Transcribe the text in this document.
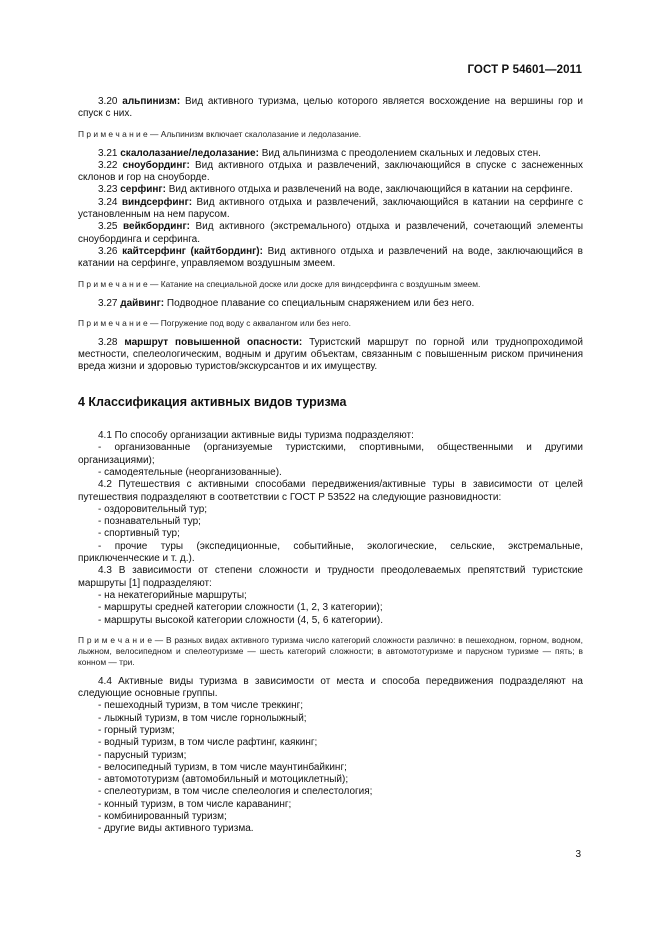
ГОСТ Р 54601—2011

3.20 альпинизм: Вид активного туризма, целью которого является восхождение на вершины гор и спуск с них.

П р и м е ч а н и е — Альпинизм включает скалолазание и ледолазание.

3.21 скалолазание/ледолазание: Вид альпинизма с преодолением скальных и ледовых стен.

3.22 сноубординг: Вид активного отдыха и развлечений, заключающийся в спуске с заснеженных склонов и гор на сноуборде.

3.23 серфинг: Вид активного отдыха и развлечений на воде, заключающийся в катании на серфинге.

3.24 виндсерфинг: Вид активного отдыха и развлечений, заключающийся в катании на серфинге с установленным на нем парусом.

3.25 вейкбординг: Вид активного (экстремального) отдыха и развлечений, сочетающий элементы сноубординга и серфинга.

3.26 кайтсерфинг (кайтбординг): Вид активного отдыха и развлечений на воде, заключающийся в катании на серфинге, управляемом воздушным змеем.

П р и м е ч а н и е — Катание на специальной доске или доске для виндсерфинга с воздушным змеем.

3.27 дайвинг: Подводное плавание со специальным снаряжением или без него.

П р и м е ч а н и е — Погружение под воду с аквалангом или без него.

3.28 маршрут повышенной опасности: Туристский маршрут по горной или труднопроходимой местности, спелеологическим, водным и другим объектам, связанным с повышенным риском причинения вреда жизни и здоровью туристов/экскурсантов и их имуществу.

4 Классификация активных видов туризма

4.1 По способу организации активные виды туризма подразделяют:

- организованные (организуемые туристскими, спортивными, общественными и другими организациями);

- самодеятельные (неорганизованные).

4.2 Путешествия с активными способами передвижения/активные туры в зависимости от целей путешествия подразделяют в соответствии с ГОСТ Р 53522 на следующие разновидности:

- оздоровительный тур;

- познавательный тур;

- спортивный тур;

- прочие туры (экспедиционные, событийные, экологические, сельские, экстремальные, приключенческие и т. д.).

4.3 В зависимости от степени сложности и трудности преодолеваемых препятствий туристские маршруты [1] подразделяют:

- на некатегорийные маршруты;

- маршруты средней категории сложности (1, 2, 3 категории);

- маршруты высокой категории сложности (4, 5, 6 категории).

П р и м е ч а н и е — В разных видах активного туризма число категорий сложности различно: в пешеходном, горном, водном, лыжном, велосипедном и спелеотуризме — шесть категорий сложности; в автомототуризме и парусном туризме — пять; в конном — три.

4.4 Активные виды туризма в зависимости от места и способа передвижения подразделяют на следующие основные группы.

- пешеходный туризм, в том числе треккинг;

- лыжный туризм, в том числе горнолыжный;

- горный туризм;

- водный туризм, в том числе рафтинг, каякинг;

- парусный туризм;

- велосипедный туризм, в том числе маунтинбайкинг;

- автомототуризм (автомобильный и мотоциклетный);

- спелеотуризм, в том числе спелеология и спелестология;

- конный туризм, в том числе караванинг;

- комбинированный туризм;

- другие виды активного туризма.

3
